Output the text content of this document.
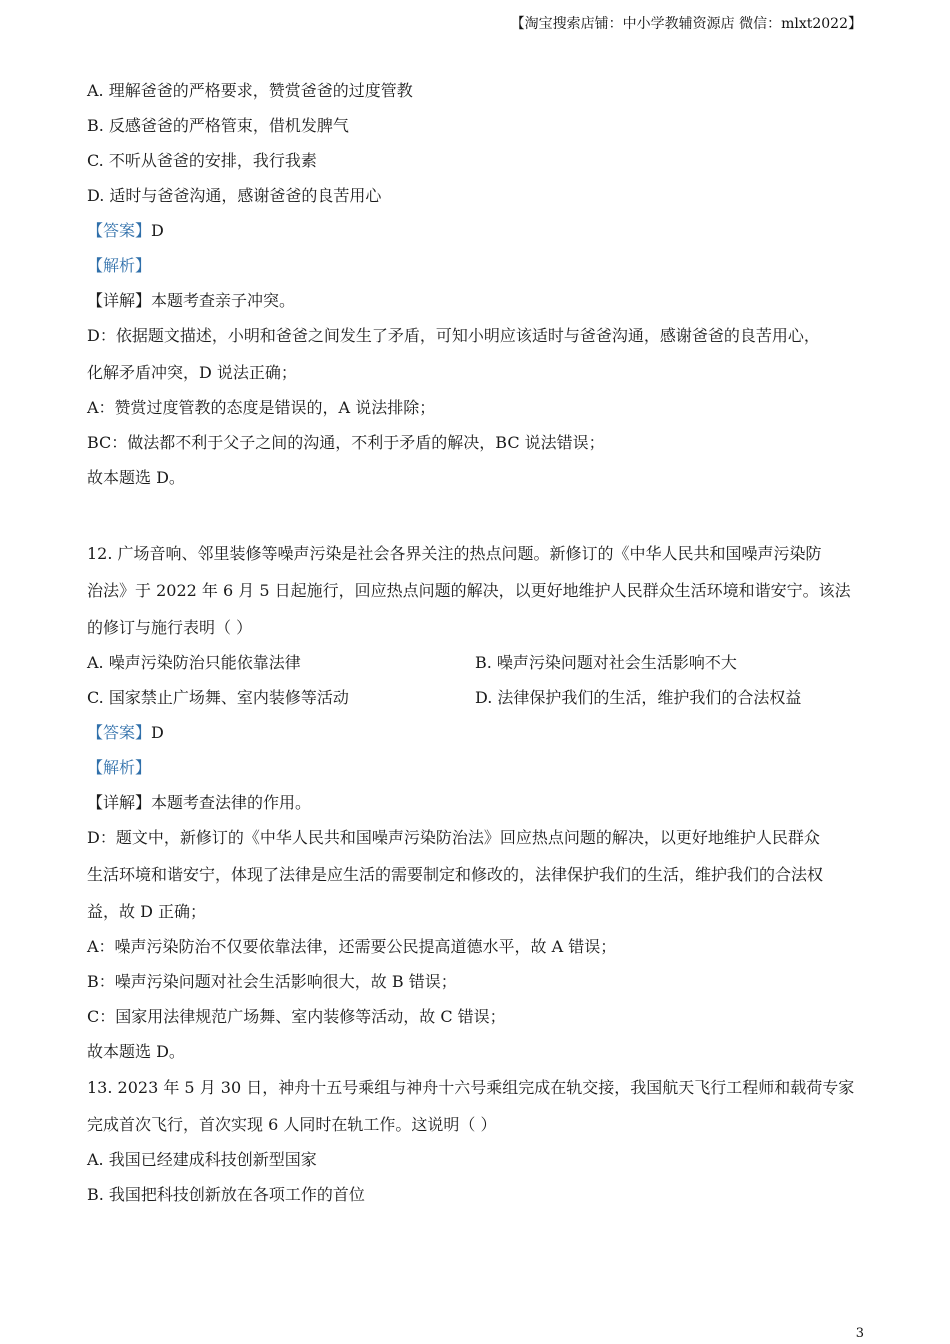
【淘宝搜索店铺：中小学教辅资源店 微信：mlxt2022】
A. 理解爸爸的严格要求，赞赏爸爸的过度管教
B. 反感爸爸的严格管束，借机发脾气
C. 不听从爸爸的安排，我行我素
D. 适时与爸爸沟通，感谢爸爸的良苦用心
【答案】D
【解析】
【详解】本题考查亲子冲突。
D：依据题文描述，小明和爸爸之间发生了矛盾，可知小明应该适时与爸爸沟通，感谢爸爸的良苦用心，
化解矛盾冲突，D 说法正确；
A：赞赏过度管教的态度是错误的，A 说法排除；
BC：做法都不利于父子之间的沟通，不利于矛盾的解决，BC 说法错误；
故本题选 D。
12. 广场音响、邻里装修等噪声污染是社会各界关注的热点问题。新修订的《中华人民共和国噪声污染防
治法》于 2022 年 6 月 5 日起施行，回应热点问题的解决，以更好地维护人民群众生活环境和谐安宁。该法
的修订与施行表明（ ）
A. 噪声污染防治只能依靠法律	B. 噪声污染问题对社会生活影响不大
C. 国家禁止广场舞、室内装修等活动	D. 法律保护我们的生活，维护我们的合法权益
【答案】D
【解析】
【详解】本题考查法律的作用。
D：题文中，新修订的《中华人民共和国噪声污染防治法》回应热点问题的解决，以更好地维护人民群众
生活环境和谐安宁，体现了法律是应生活的需要制定和修改的，法律保护我们的生活，维护我们的合法权
益，故 D 正确；
A：噪声污染防治不仅要依靠法律，还需要公民提高道德水平，故 A 错误；
B：噪声污染问题对社会生活影响很大，故 B 错误；
C：国家用法律规范广场舞、室内装修等活动，故 C 错误；
故本题选 D。
13. 2023 年 5 月 30 日，神舟十五号乘组与神舟十六号乘组完成在轨交接，我国航天飞行工程师和载荷专家
完成首次飞行，首次实现 6 人同时在轨工作。这说明（ ）
A. 我国已经建成科技创新型国家
B. 我国把科技创新放在各项工作的首位
3
